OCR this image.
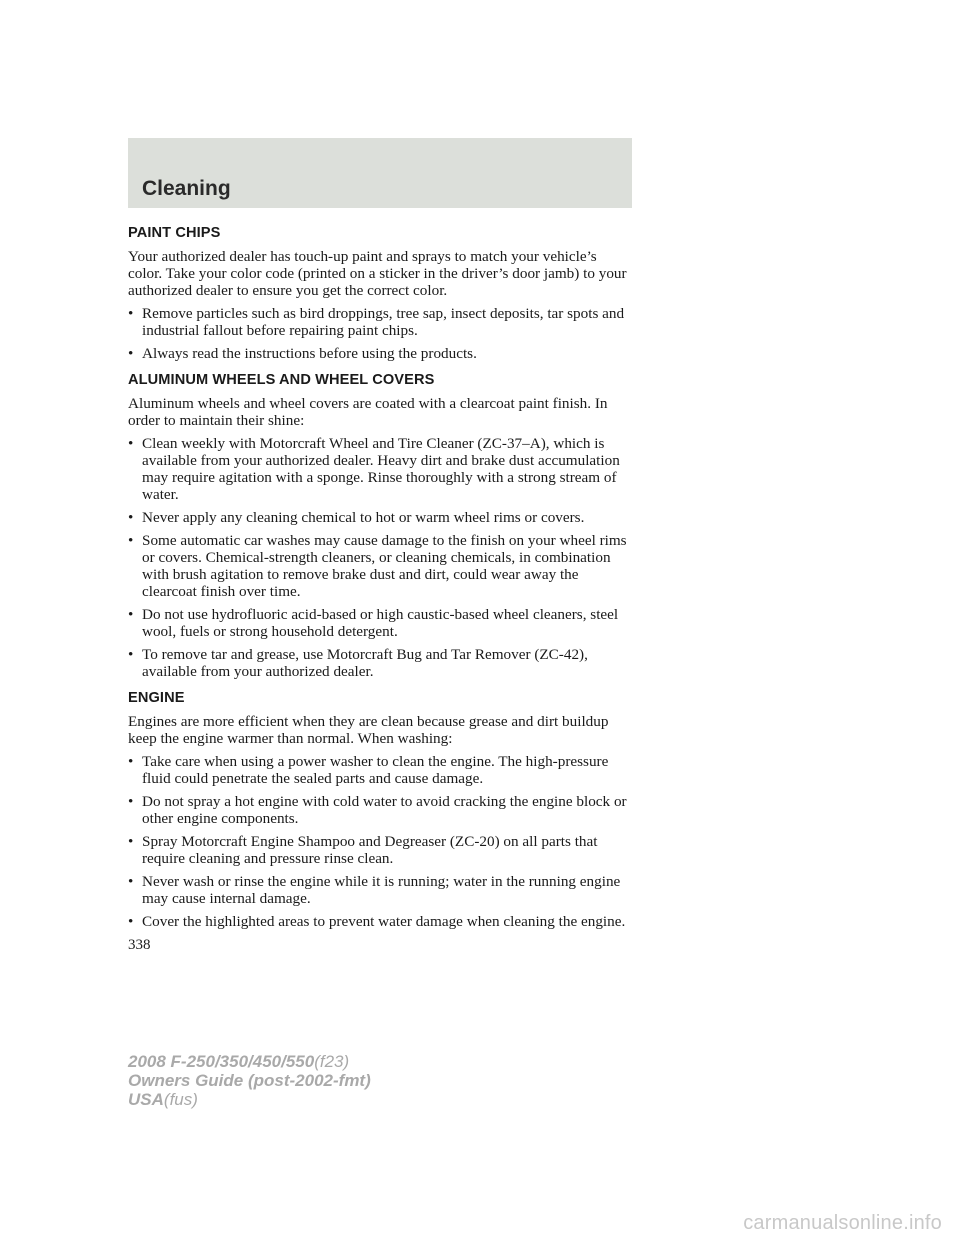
Cleaning
PAINT CHIPS

Your authorized dealer has touch-up paint and sprays to match your vehicle’s color. Take your color code (printed on a sticker in the driver’s door jamb) to your authorized dealer to ensure you get the correct color.

• Remove particles such as bird droppings, tree sap, insect deposits, tar spots and industrial fallout before repairing paint chips.
• Always read the instructions before using the products.
ALUMINUM WHEELS AND WHEEL COVERS

Aluminum wheels and wheel covers are coated with a clearcoat paint finish. In order to maintain their shine:

• Clean weekly with Motorcraft Wheel and Tire Cleaner (ZC-37–A), which is available from your authorized dealer. Heavy dirt and brake dust accumulation may require agitation with a sponge. Rinse thoroughly with a strong stream of water.
• Never apply any cleaning chemical to hot or warm wheel rims or covers.
• Some automatic car washes may cause damage to the finish on your wheel rims or covers. Chemical-strength cleaners, or cleaning chemicals, in combination with brush agitation to remove brake dust and dirt, could wear away the clearcoat finish over time.
• Do not use hydrofluoric acid-based or high caustic-based wheel cleaners, steel wool, fuels or strong household detergent.
• To remove tar and grease, use Motorcraft Bug and Tar Remover (ZC-42), available from your authorized dealer.
ENGINE

Engines are more efficient when they are clean because grease and dirt buildup keep the engine warmer than normal. When washing:

• Take care when using a power washer to clean the engine. The high-pressure fluid could penetrate the sealed parts and cause damage.
• Do not spray a hot engine with cold water to avoid cracking the engine block or other engine components.
• Spray Motorcraft Engine Shampoo and Degreaser (ZC-20) on all parts that require cleaning and pressure rinse clean.
• Never wash or rinse the engine while it is running; water in the running engine may cause internal damage.
• Cover the highlighted areas to prevent water damage when cleaning the engine.
338
2008 F-250/350/450/550(f23)
Owners Guide (post-2002-fmt)
USA(fus)
carmanualsonline.info
